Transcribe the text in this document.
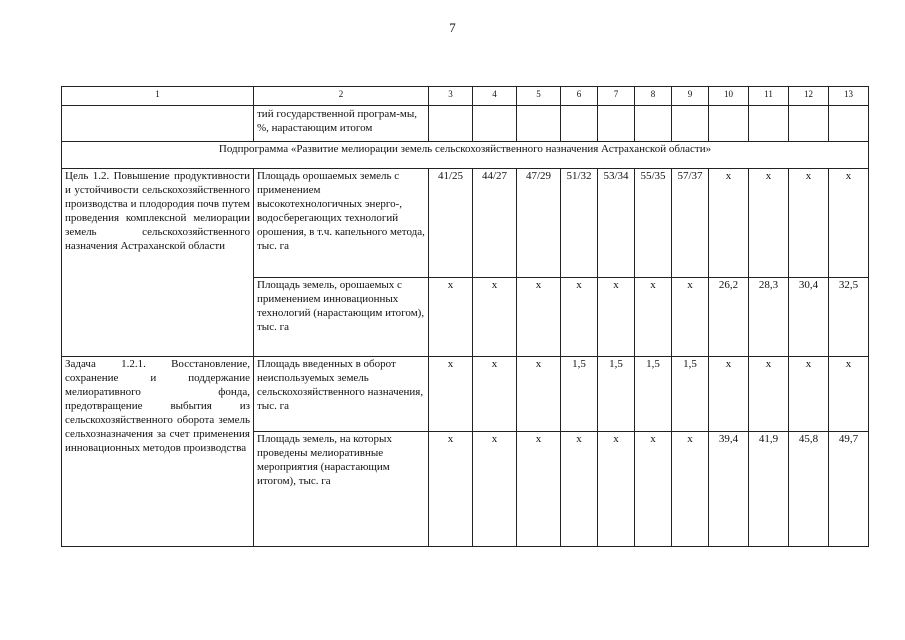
7
1	2	3	4	5	6	7	8	9	10	11	12	13
	тий государственной програм-мы, %, нарастающим итогом											
Подпрограмма «Развитие мелиорации земель сельскохозяйственного назначения Астраханской области»												
Цель 1.2. Повышение продуктивности и устойчивости сельскохозяйственного производства и плодородия почв путем проведения комплексной мелиорации земель сельскохозяйственного назначения Астраханской области	Площадь орошаемых земель с применением высокотехнологичных энерго-, водосберегающих технологий орошения, в т.ч. капельного метода, тыс. га	41/25	44/27	47/29	51/32	53/34	55/35	57/37	х	х	х	х
	Площадь земель, орошаемых с применением инновационных технологий (нарастающим итогом), тыс. га	х	х	х	х	х	х	х	26,2	28,3	30,4	32,5
Задача 1.2.1. Восстановление, сохранение и поддержание мелиоративного фонда, предотвращение выбытия из сельскохозяйственного оборота земель сельхозназначения за счет применения инновационных методов производства	Площадь введенных в оборот неиспользуемых земель сельскохозяйственного назначения, тыс. га	х	х	х	1,5	1,5	1,5	1,5	х	х	х	х
	Площадь земель, на которых проведены мелиоративные мероприятия (нарастающим итогом), тыс. га	х	х	х	х	х	х	х	39,4	41,9	45,8	49,7
